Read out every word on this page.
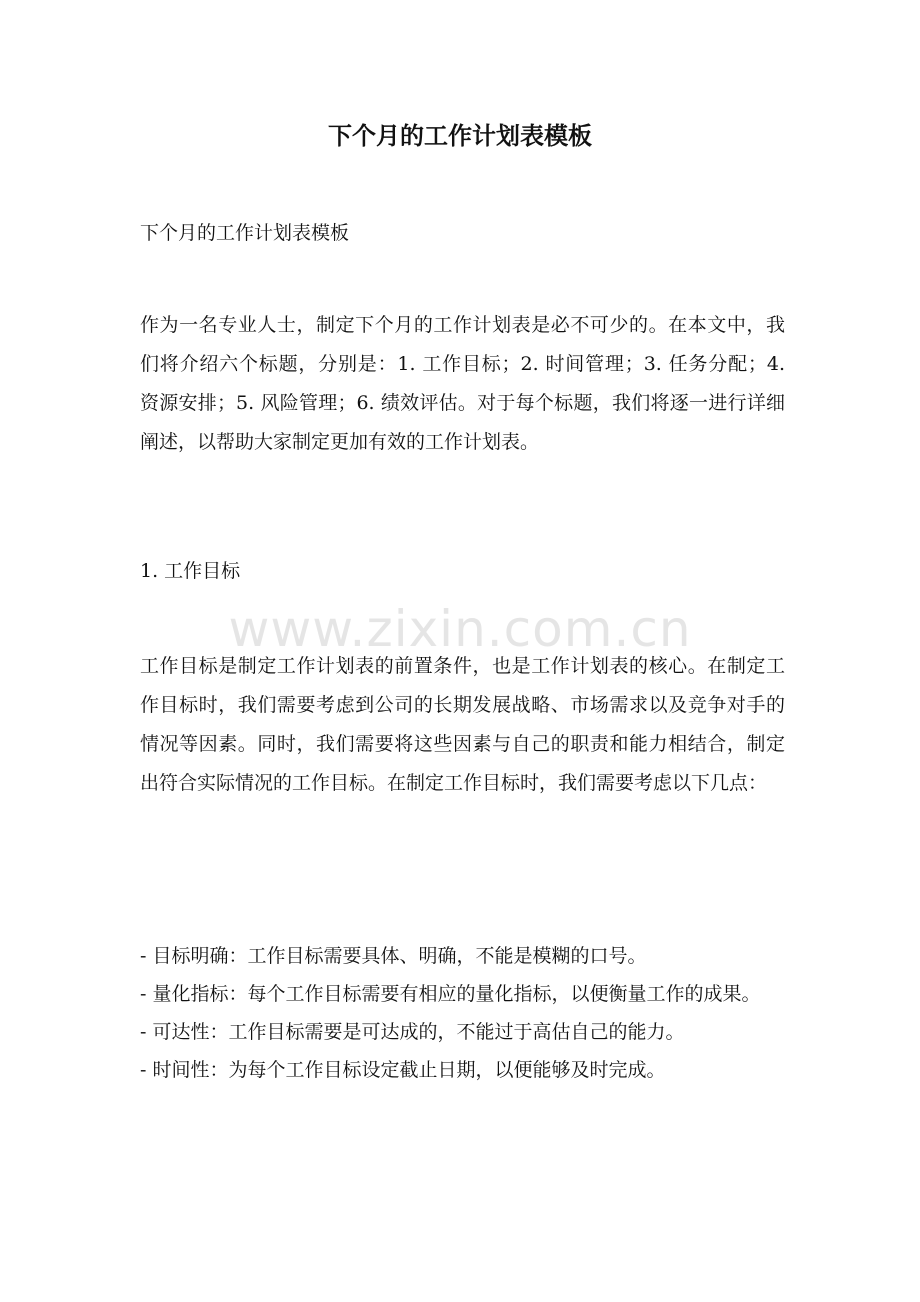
下个月的工作计划表模板

下个月的工作计划表模板

作为一名专业人士，制定下个月的工作计划表是必不可少的。在本文中，我们将介绍六个标题，分别是：1. 工作目标；2. 时间管理；3. 任务分配；4. 资源安排；5. 风险管理；6. 绩效评估。对于每个标题，我们将逐一进行详细阐述，以帮助大家制定更加有效的工作计划表。

1. 工作目标

www.zixin.com.cn

工作目标是制定工作计划表的前置条件，也是工作计划表的核心。在制定工作目标时，我们需要考虑到公司的长期发展战略、市场需求以及竞争对手的情况等因素。同时，我们需要将这些因素与自己的职责和能力相结合，制定出符合实际情况的工作目标。在制定工作目标时，我们需要考虑以下几点：

- 目标明确：工作目标需要具体、明确，不能是模糊的口号。
- 量化指标：每个工作目标需要有相应的量化指标，以便衡量工作的成果。
- 可达性：工作目标需要是可达成的，不能过于高估自己的能力。
- 时间性：为每个工作目标设定截止日期，以便能够及时完成。
